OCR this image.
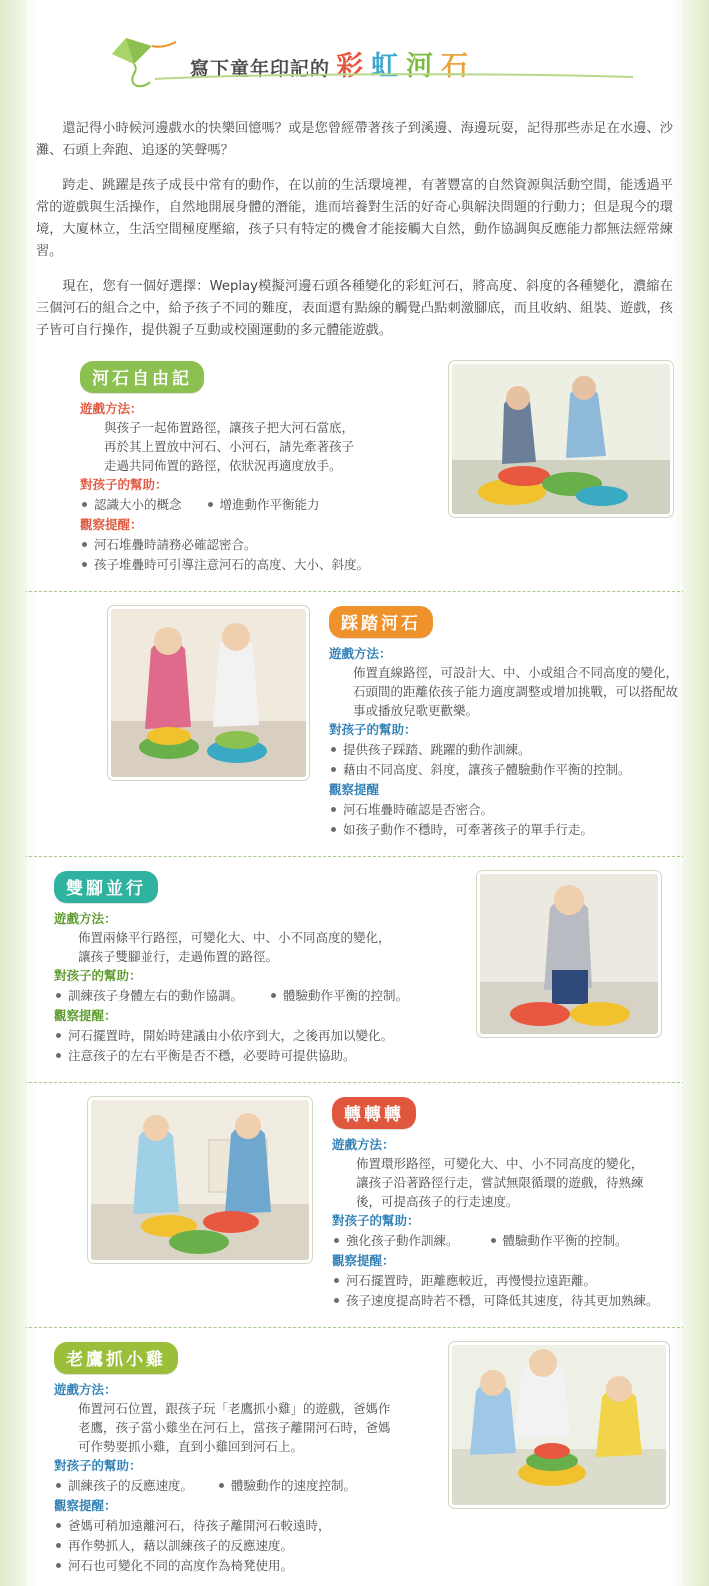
寫下童年印記的 彩 虹 河 石

還記得小時候河邊戲水的快樂回憶嗎？或是您曾經帶著孩子到溪邊、海邊玩耍，記得那些赤足在水邊、沙灘、石頭上奔跑、追逐的笑聲嗎？

跨走、跳躍是孩子成長中常有的動作，在以前的生活環境裡，有著豐富的自然資源與活動空間，能透過平常的遊戲與生活操作，自然地開展身體的潛能，進而培養對生活的好奇心與解決問題的行動力；但是現今的環境，大廈林立，生活空間極度壓縮，孩子只有特定的機會才能接觸大自然，動作協調與反應能力都無法經常練習。

現在，您有一個好選擇：Weplay模擬河邊石頭各種變化的彩虹河石，將高度、斜度的各種變化，濃縮在三個河石的組合之中，給予孩子不同的難度，表面還有點線的觸覺凸點刺激腳底，而且收納、組裝、遊戲，孩子皆可自行操作，提供親子互動或校園運動的多元體能遊戲。

河石自由記
遊戲方法：
與孩子一起佈置路徑，讓孩子把大河石當底，
再於其上置放中河石、小河石，請先牽著孩子
走過共同佈置的路徑，依狀況再適度放手。
對孩子的幫助：
認識大小的概念	增進動作平衡能力
觀察提醒：
河石堆疊時請務必確認密合。
孩子堆疊時可引導注意河石的高度、大小、斜度。
踩踏河石
遊戲方法：
佈置直線路徑，可設計大、中、小或組合不同高度的變化，
石頭間的距離依孩子能力適度調整或增加挑戰，可以搭配故
事或播放兒歌更歡樂。
對孩子的幫助：
提供孩子踩踏、跳躍的動作訓練。
藉由不同高度、斜度，讓孩子體驗動作平衡的控制。
觀察提醒
河石堆疊時確認是否密合。
如孩子動作不穩時，可牽著孩子的單手行走。
雙腳並行
遊戲方法：
佈置兩條平行路徑，可變化大、中、小不同高度的變化，
讓孩子雙腳並行，走過佈置的路徑。
對孩子的幫助：
訓練孩子身體左右的動作協調。	體驗動作平衡的控制。
觀察提醒：
河石擺置時，開始時建議由小依序到大，之後再加以變化。
注意孩子的左右平衡是否不穩，必要時可提供協助。
轉轉轉
遊戲方法：
佈置環形路徑，可變化大、中、小不同高度的變化，
讓孩子沿著路徑行走，嘗試無限循環的遊戲，待熟練
後，可提高孩子的行走速度。
對孩子的幫助：
強化孩子動作訓練。	體驗動作平衡的控制。
觀察提醒：
河石擺置時，距離應較近，再慢慢拉遠距離。
孩子速度提高時若不穩，可降低其速度，待其更加熟練。
老鷹抓小雞
遊戲方法：
佈置河石位置，跟孩子玩「老鷹抓小雞」的遊戲，爸媽作
老鷹，孩子當小雞坐在河石上，當孩子離開河石時，爸媽
可作勢要抓小雞，直到小雞回到河石上。
對孩子的幫助：
訓練孩子的反應速度。	體驗動作的速度控制。
觀察提醒：
爸媽可稍加遠離河石，待孩子離開河石較遠時，
再作勢抓人，藉以訓練孩子的反應速度。
河石也可變化不同的高度作為椅凳使用。
